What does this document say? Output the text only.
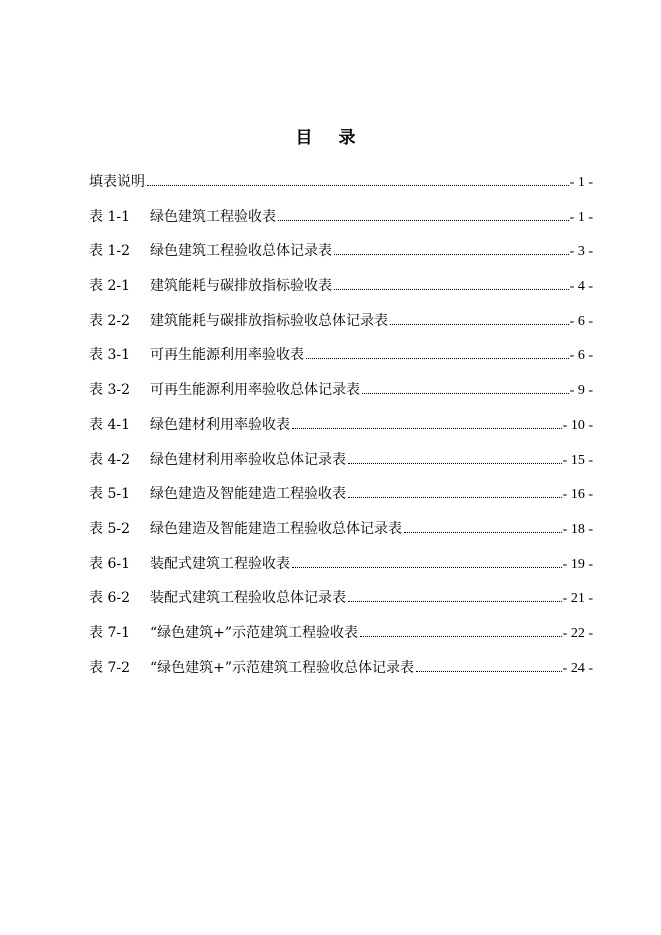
目 录
填表说明	- 1 -
表 1-1	绿色建筑工程验收表	- 1 -
表 1-2	绿色建筑工程验收总体记录表	- 3 -
表 2-1	建筑能耗与碳排放指标验收表	- 4 -
表 2-2	建筑能耗与碳排放指标验收总体记录表	- 6 -
表 3-1	可再生能源利用率验收表	- 6 -
表 3-2	可再生能源利用率验收总体记录表	- 9 -
表 4-1	绿色建材利用率验收表	- 10 -
表 4-2	绿色建材利用率验收总体记录表	- 15 -
表 5-1	绿色建造及智能建造工程验收表	- 16 -
表 5-2	绿色建造及智能建造工程验收总体记录表	- 18 -
表 6-1	装配式建筑工程验收表	- 19 -
表 6-2	装配式建筑工程验收总体记录表	- 21 -
表 7-1	“绿色建筑+”示范建筑工程验收表	- 22 -
表 7-2	“绿色建筑+”示范建筑工程验收总体记录表	- 24 -
